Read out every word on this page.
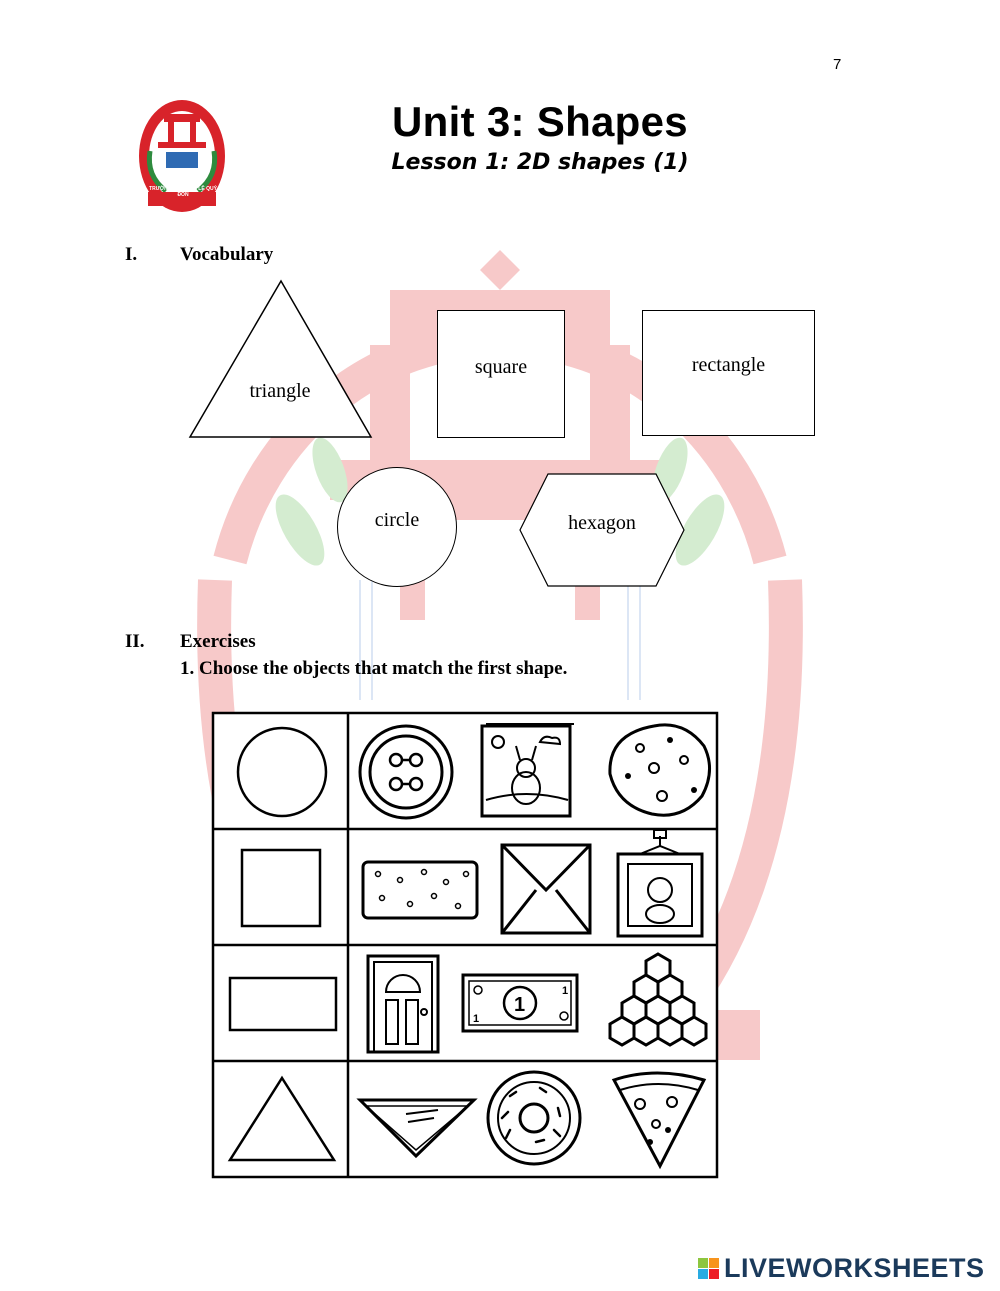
7
TRƯỜNG TIỂU HỌC LÊ QUÝ ĐÔN
Unit 3: Shapes
Lesson 1: 2D shapes (1)
I. Vocabulary
triangle
square	rectangle
circle	hexagon
II. Exercises
1. Choose the objects that match the first shape.
1
1
1
LIVEWORKSHEETS
